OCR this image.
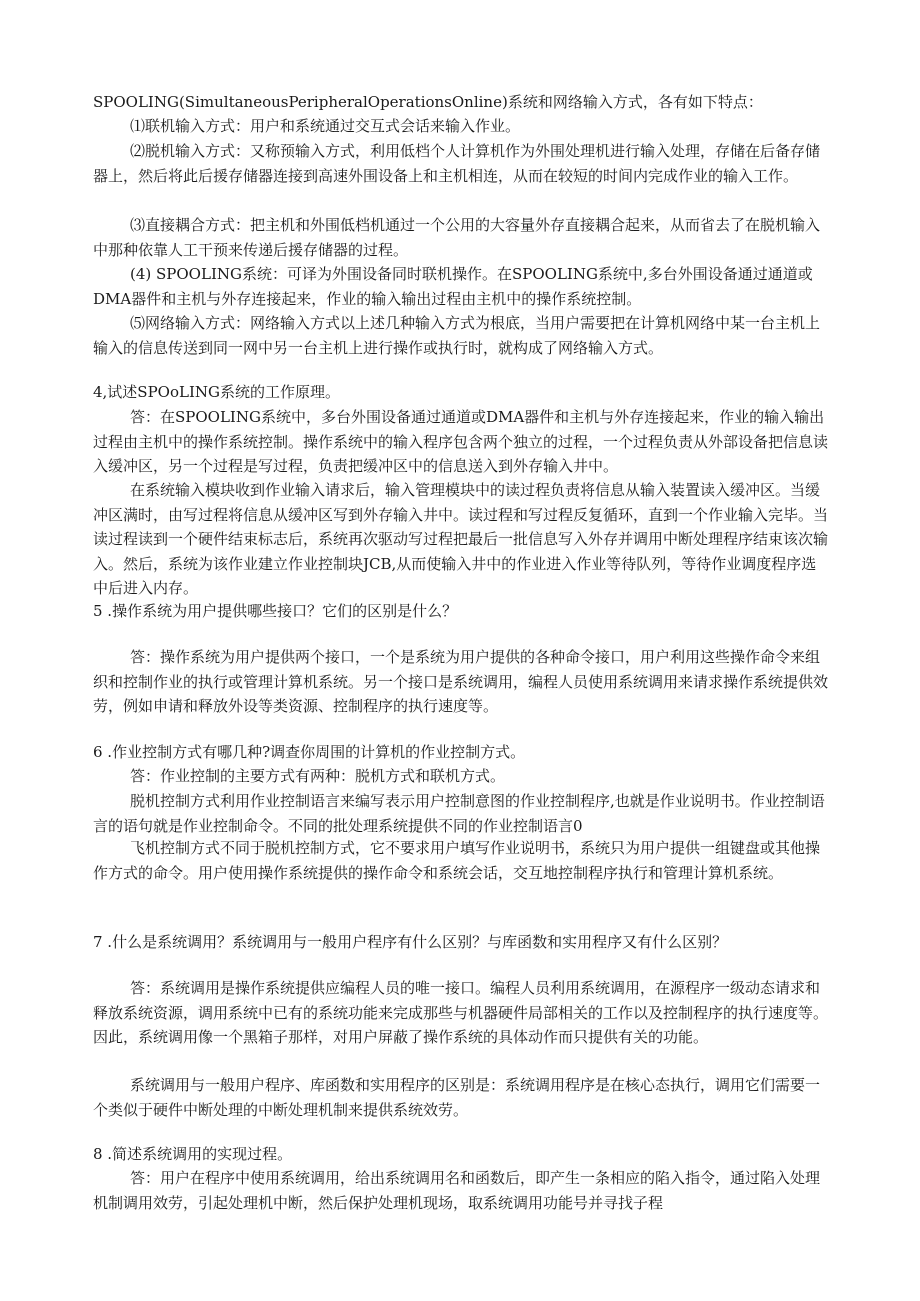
SPOOLING(SimultaneousPeripheralOperationsOnline)系统和网络输入方式，各有如下特点：

⑴联机输入方式：用户和系统通过交互式会话来输入作业。

⑵脱机输入方式：又称预输入方式，利用低档个人计算机作为外围处理机进行输入处理，存储在后备存储器上，然后将此后援存储器连接到高速外围设备上和主机相连，从而在较短的时间内完成作业的输入工作。

⑶直接耦合方式：把主机和外围低档机通过一个公用的大容量外存直接耦合起来，从而省去了在脱机输入中那种依靠人工干预来传递后援存储器的过程。

(4) SPOOLING系统：可译为外围设备同时联机操作。在SPOOLING系统中,多台外围设备通过通道或DMA器件和主机与外存连接起来，作业的输入输出过程由主机中的操作系统控制。

⑸网络输入方式：网络输入方式以上述几种输入方式为根底，当用户需要把在计算机网络中某一台主机上输入的信息传送到同一网中另一台主机上进行操作或执行时，就构成了网络输入方式。

4,试述SPOoLING系统的工作原理。

答：在SPOOLING系统中，多台外围设备通过通道或DMA器件和主机与外存连接起来，作业的输入输出过程由主机中的操作系统控制。操作系统中的输入程序包含两个独立的过程，一个过程负责从外部设备把信息读入缓冲区，另一个过程是写过程，负责把缓冲区中的信息送入到外存输入井中。

在系统输入模块收到作业输入请求后，输入管理模块中的读过程负责将信息从输入装置读入缓冲区。当缓冲区满时，由写过程将信息从缓冲区写到外存输入井中。读过程和写过程反复循环，直到一个作业输入完毕。当读过程读到一个硬件结束标志后，系统再次驱动写过程把最后一批信息写入外存并调用中断处理程序结束该次输入。然后，系统为该作业建立作业控制块JCB,从而使输入井中的作业进入作业等待队列，等待作业调度程序选中后进入内存。

5 .操作系统为用户提供哪些接口？它们的区别是什么？

答：操作系统为用户提供两个接口，一个是系统为用户提供的各种命令接口，用户利用这些操作命令来组织和控制作业的执行或管理计算机系统。另一个接口是系统调用，编程人员使用系统调用来请求操作系统提供效劳，例如申请和释放外设等类资源、控制程序的执行速度等。

6 .作业控制方式有哪几种?调查你周围的计算机的作业控制方式。

答：作业控制的主要方式有两种：脱机方式和联机方式。

脱机控制方式利用作业控制语言来编写表示用户控制意图的作业控制程序,也就是作业说明书。作业控制语言的语句就是作业控制命令。不同的批处理系统提供不同的作业控制语言0

飞机控制方式不同于脱机控制方式，它不要求用户填写作业说明书，系统只为用户提供一组键盘或其他操作方式的命令。用户使用操作系统提供的操作命令和系统会话，交互地控制程序执行和管理计算机系统。

7 .什么是系统调用？系统调用与一般用户程序有什么区别？与库函数和实用程序又有什么区别？

答：系统调用是操作系统提供应编程人员的唯一接口。编程人员利用系统调用，在源程序一级动态请求和释放系统资源，调用系统中已有的系统功能来完成那些与机器硬件局部相关的工作以及控制程序的执行速度等。因此，系统调用像一个黑箱子那样，对用户屏蔽了操作系统的具体动作而只提供有关的功能。

系统调用与一般用户程序、库函数和实用程序的区别是：系统调用程序是在核心态执行，调用它们需要一个类似于硬件中断处理的中断处理机制来提供系统效劳。

8 .简述系统调用的实现过程。

答：用户在程序中使用系统调用，给出系统调用名和函数后，即产生一条相应的陷入指令，通过陷入处理机制调用效劳，引起处理机中断，然后保护处理机现场，取系统调用功能号并寻找子程
